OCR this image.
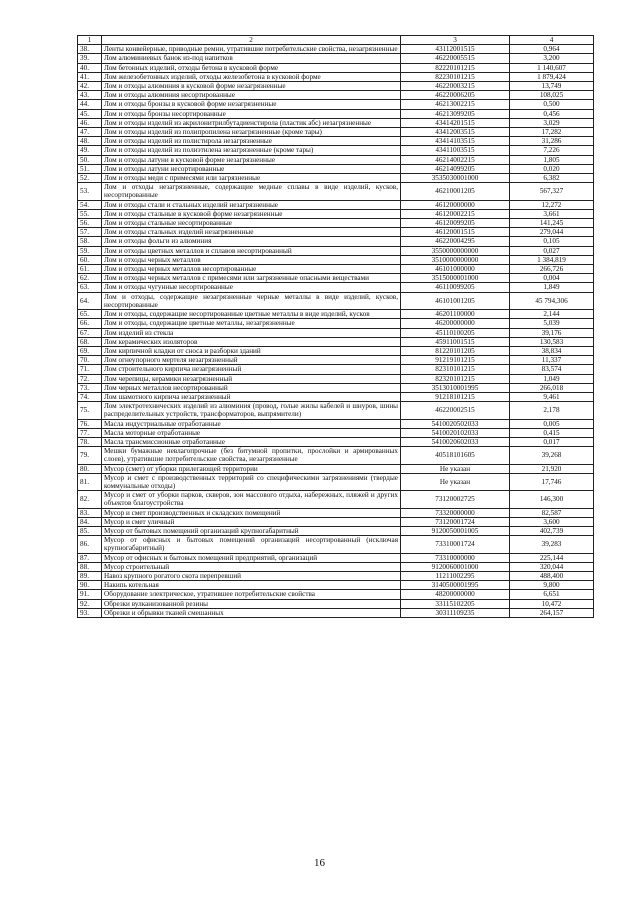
1	2	3	4
38.	Ленты конвейерные, приводные ремни, утратившие потребительские свойства, незагрязненные	43112001515	0,964
39.	Лом алюминиевых банок из-под напитков	46220005515	3,200
40.	Лом бетонных изделий, отходы бетона в кусковой форме	82220101215	1 140,607
41.	Лом железобетонных изделий, отходы железобетона в кусковой форме	82230101215	1 879,424
42.	Лом и отходы алюминия в кусковой форме незагрязненные	46220003215	13,749
43.	Лом и отходы алюминия несортированные	46220006205	108,025
44.	Лом и отходы бронзы в кусковой форме незагрязненные	46213002215	0,500
45.	Лом и отходы бронзы несортированные	46213099205	0,456
46.	Лом и отходы изделий из акрилонитрилбутадиенстирола (пластик абс) незагрязненные	43414201515	3,029
47.	Лом и отходы изделий из полипропилена незагрязненные (кроме тары)	43412003515	17,282
48.	Лом и отходы изделий из полистирола незагрязненные	43414103515	31,286
49.	Лом и отходы изделий из полиэтилена незагрязненные (кроме тары)	43411003515	7,226
50.	Лом и отходы латуни в кусковой форме незагрязненные	46214002215	1,805
51.	Лом и отходы латуни несортированные	46214099205	0,020
52.	Лом и отходы меди с примесями или загрязненные	3535030001000	6,382
53.	Лом и отходы незагрязненные, содержащие медные сплавы в виде изделий, кусков, несортированные	46210001205	567,327
54.	Лом и отходы стали и стальных изделий незагрязненные	46120000000	12,272
55.	Лом и отходы стальные в кусковой форме незагрязненные	46120002215	3,661
56.	Лом и отходы стальные несортированные	46120099205	141,245
57.	Лом и отходы стальных изделий незагрязненные	46120001515	279,044
58.	Лом и отходы фольги из алюминия	46220004295	0,105
59.	Лом и отходы цветных металлов и сплавов несортированный	3550000000000	0,027
60.	Лом и отходы черных металлов	3510000000000	1 384,819
61.	Лом и отходы черных металлов несортированные	46101000000	266,726
62.	Лом и отходы черных металлов с примесями или загрязненные опасными веществами	3515000001000	0,004
63.	Лом и отходы чугунные несортированные	46110099205	1,849
64.	Лом и отходы, содержащие незагрязненные черные металлы в виде изделий, кусков, несортированные	46101001205	45 794,306
65.	Лом и отходы, содержащие несортированные цветные металлы в виде изделий, кусков	46201100000	2,144
66.	Лом и отходы, содержащие цветные металлы, незагрязненные	46200000000	5,039
67.	Лом изделий из стекла	45110100205	39,176
68.	Лом керамических изоляторов	45911001515	130,583
69.	Лом кирпичной кладки от сноса и разборки зданий	81220101205	38,834
70.	Лом огнеупорного мертеля незагрязненный	91219101215	11,337
71.	Лом строительного кирпича незагрязненный	82310101215	83,574
72.	Лом черепицы, керамики незагрязненный	82320101215	1,049
73.	Лом черных металлов несортированный	3513010001995	266,018
74.	Лом шамотного кирпича незагрязненный	91218101215	9,461
75.	Лом электротехнических изделий из алюминия (провод, голые жилы кабелей и шнуров, шины распределительных устройств, трансформаторов, выпрямители)	46220002515	2,178
76.	Масла индустриальные отработанные	5410020502033	0,005
77.	Масла моторные отработанные	5410020102033	0,415
78.	Масла трансмиссионные отработанные	5410020602033	0,017
79.	Мешки бумажные невлагопрочные (без битумной пропитки, прослойки и армированных слоев), утратившие потребительские свойства, незагрязненные	40518101605	39,268
80.	Мусор (смет) от уборки прилегающей территории	Не указан	21,920
81.	Мусор и смет с производственных территорий со специфическими загрязнениями (твердые коммунальные отходы)	Не указан	17,746
82.	Мусор и смет от уборки парков, скверов, зон массового отдыха, набережных, пляжей и других объектов благоустройства	73120002725	146,300
83.	Мусор и смет производственных и складских помещений	73320000000	82,587
84.	Мусор и смет уличный	73120001724	3,600
85.	Мусор от бытовых помещений организаций крупногабаритный	9120050001005	402,739
86.	Мусор от офисных и бытовых помещений организаций несортированный (исключая крупногабаритный)	73310001724	39,283
87.	Мусор от офисных и бытовых помещений предприятий, организаций	73310000000	225,144
88.	Мусор строительный	9120060001000	320,044
89.	Навоз крупного рогатого скота перепревший	11211002295	488,400
90.	Накипь котельная	3140500001995	9,800
91.	Оборудование электрическое, утратившее потребительские свойства	48200000000	6,651
92.	Обрезки вулканизованной резины	33115102205	10,472
93.	Обрезки и обрывки тканей смешанных	30311109235	264,157
16
